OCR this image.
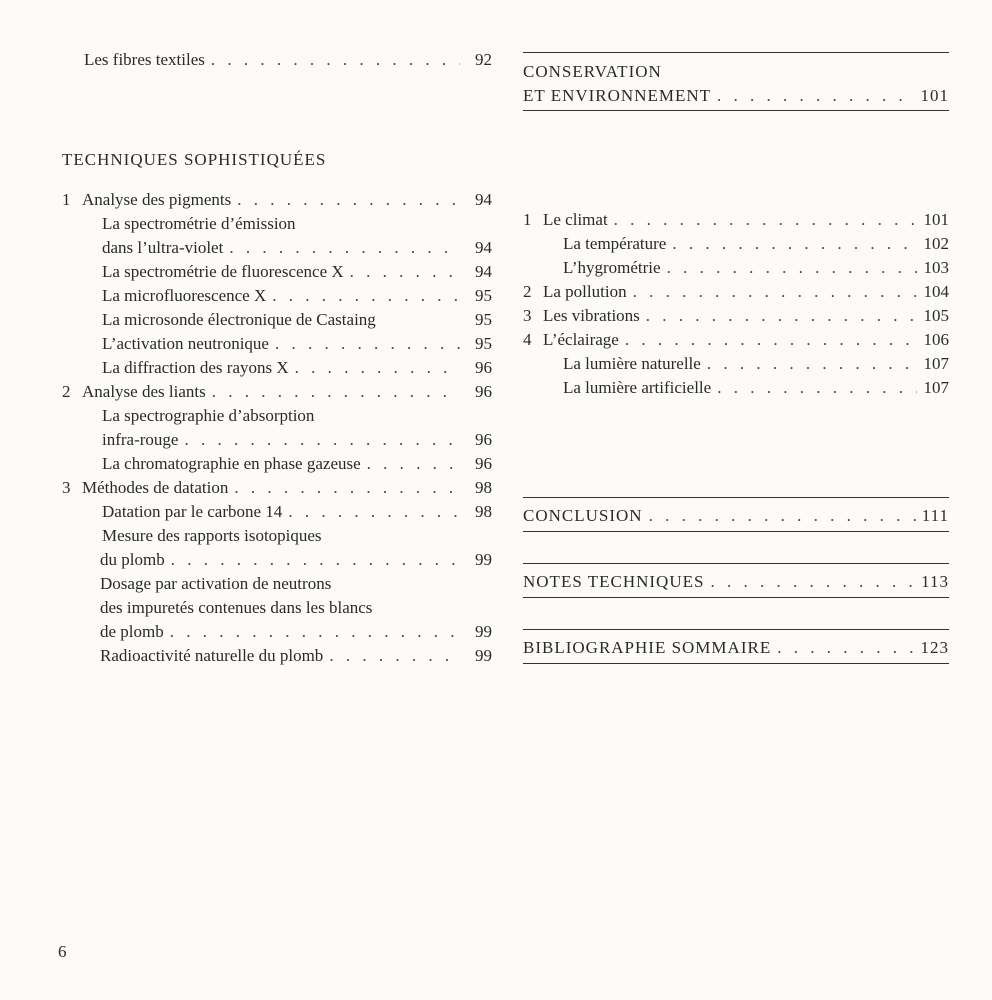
Les fibres textiles . . .	92
TECHNIQUES SOPHISTIQUÉES
1 Analyse des pigments . . .	94
La spectrométrie d’émission
dans l’ultra-violet . . .	94
La spectrométrie de fluorescence X . . .	94
La microfluorescence X . . .	95
La microsonde électronique de Castaing	95
L’activation neutronique . . .	95
La diffraction des rayons X . . .	96
2 Analyse des liants . . .	96
La spectrographie d’absorption
infra-rouge . . .	96
La chromatographie en phase gazeuse . . .	96
3 Méthodes de datation . . .	98
Datation par le carbone 14 . . .	98
Mesure des rapports isotopiques
du plomb . . .	99
Dosage par activation de neutrons
des impuretés contenues dans les blancs
de plomb . . .	99
Radioactivité naturelle du plomb . . .	99
CONSERVATION
ET ENVIRONNEMENT . . .	101
1 Le climat . . .	101
La température . . .	102
L’hygrométrie . . .	103
2 La pollution . . .	104
3 Les vibrations . . .	105
4 L’éclairage . . .	106
La lumière naturelle . . .	107
La lumière artificielle . . .	107
CONCLUSION . . .	111
NOTES TECHNIQUES . . .	113
BIBLIOGRAPHIE SOMMAIRE . . .	123
6
